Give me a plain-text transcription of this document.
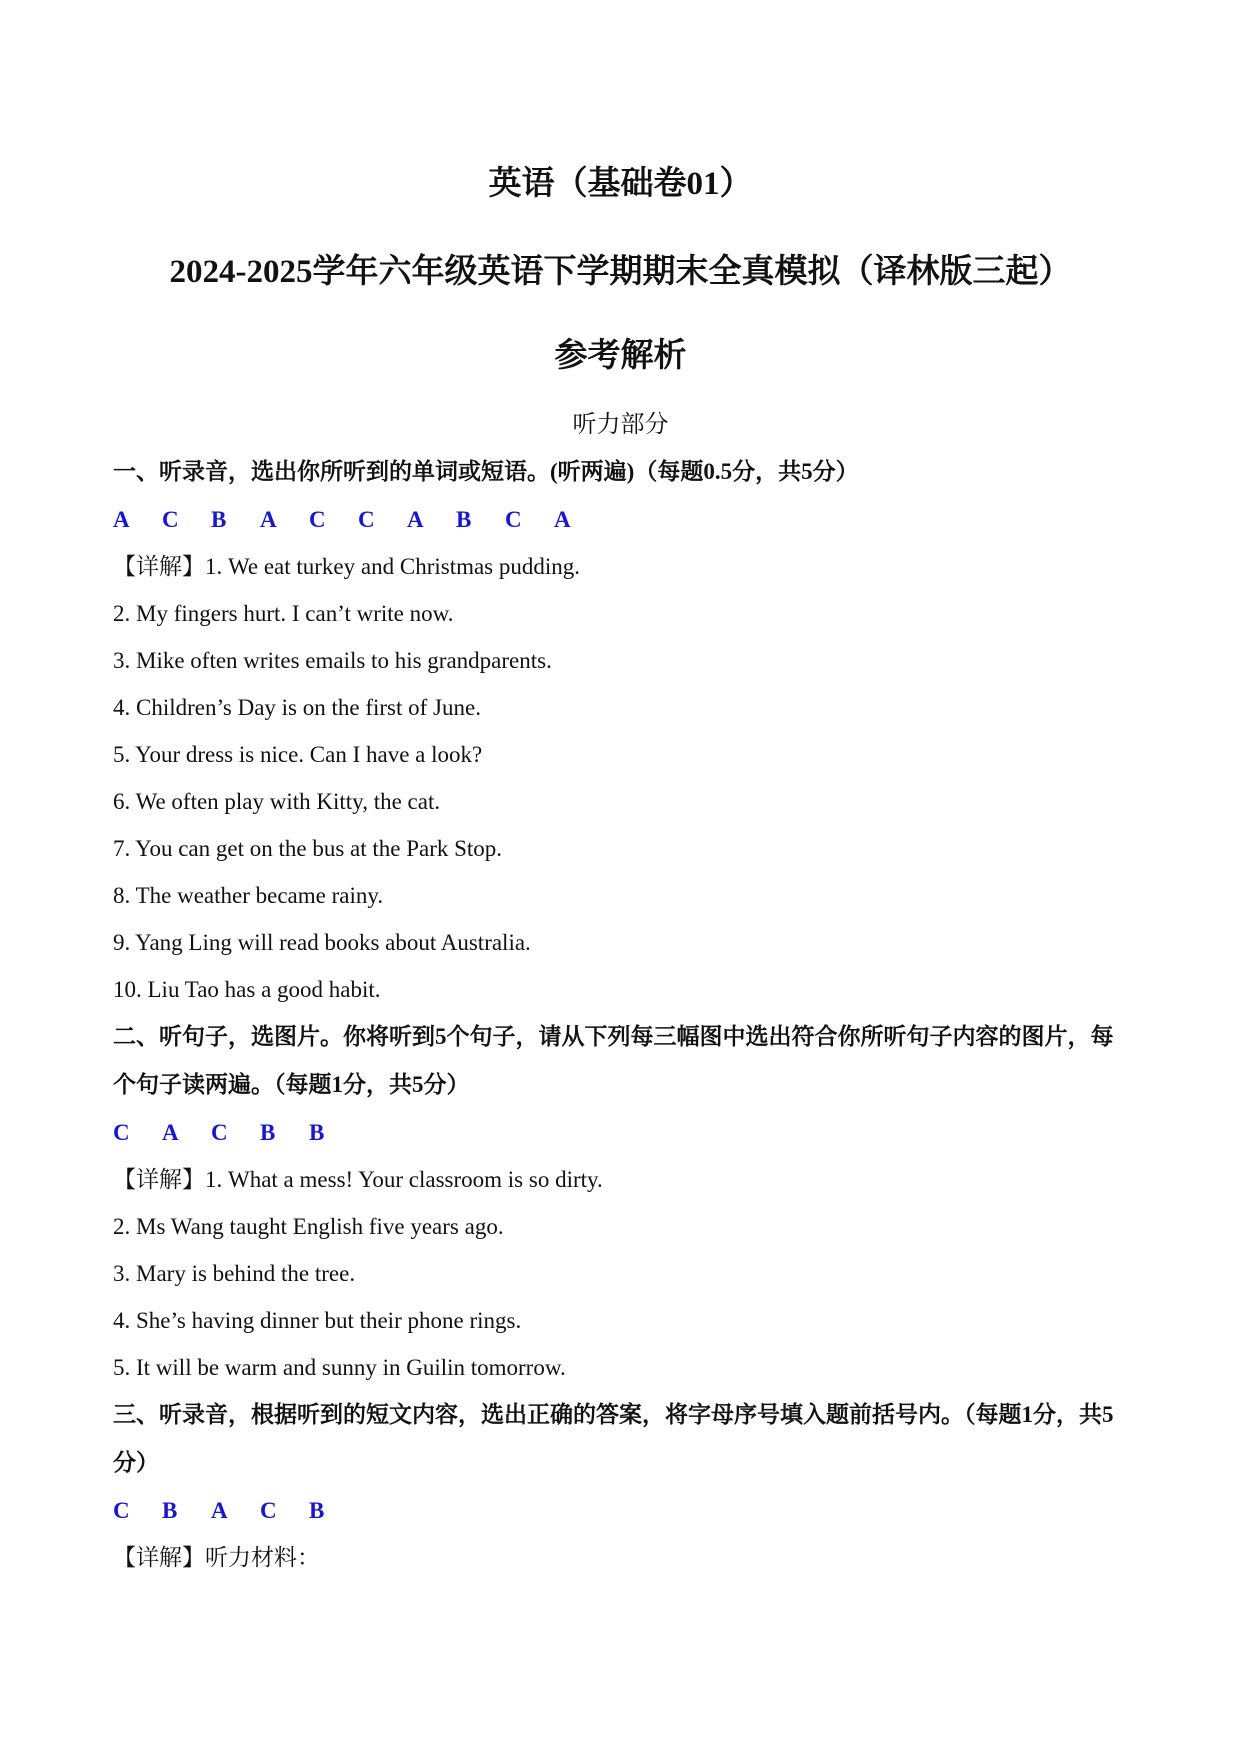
英语（基础卷01）
2024-2025学年六年级英语下学期期末全真模拟（译林版三起）
参考解析
听力部分
一、听录音，选出你所听到的单词或短语。(听两遍)（每题0.5分，共5分）
A C B A C C A B C A
【详解】1. We eat turkey and Christmas pudding.
2. My fingers hurt. I can’t write now.
3. Mike often writes emails to his grandparents.
4. Children’s Day is on the first of June.
5. Your dress is nice. Can I have a look?
6. We often play with Kitty, the cat.
7. You can get on the bus at the Park Stop.
8. The weather became rainy.
9. Yang Ling will read books about Australia.
10. Liu Tao has a good habit.
二、听句子，选图片。你将听到5个句子，请从下列每三幅图中选出符合你所听句子内容的图片，每个句子读两遍。（每题1分，共5分）
C A C B B
【详解】1. What a mess! Your classroom is so dirty.
2. Ms Wang taught English five years ago.
3. Mary is behind the tree.
4. She’s having dinner but their phone rings.
5. It will be warm and sunny in Guilin tomorrow.
三、听录音，根据听到的短文内容，选出正确的答案，将字母序号填入题前括号内。（每题1分，共5分）
C B A C B
【详解】听力材料：
